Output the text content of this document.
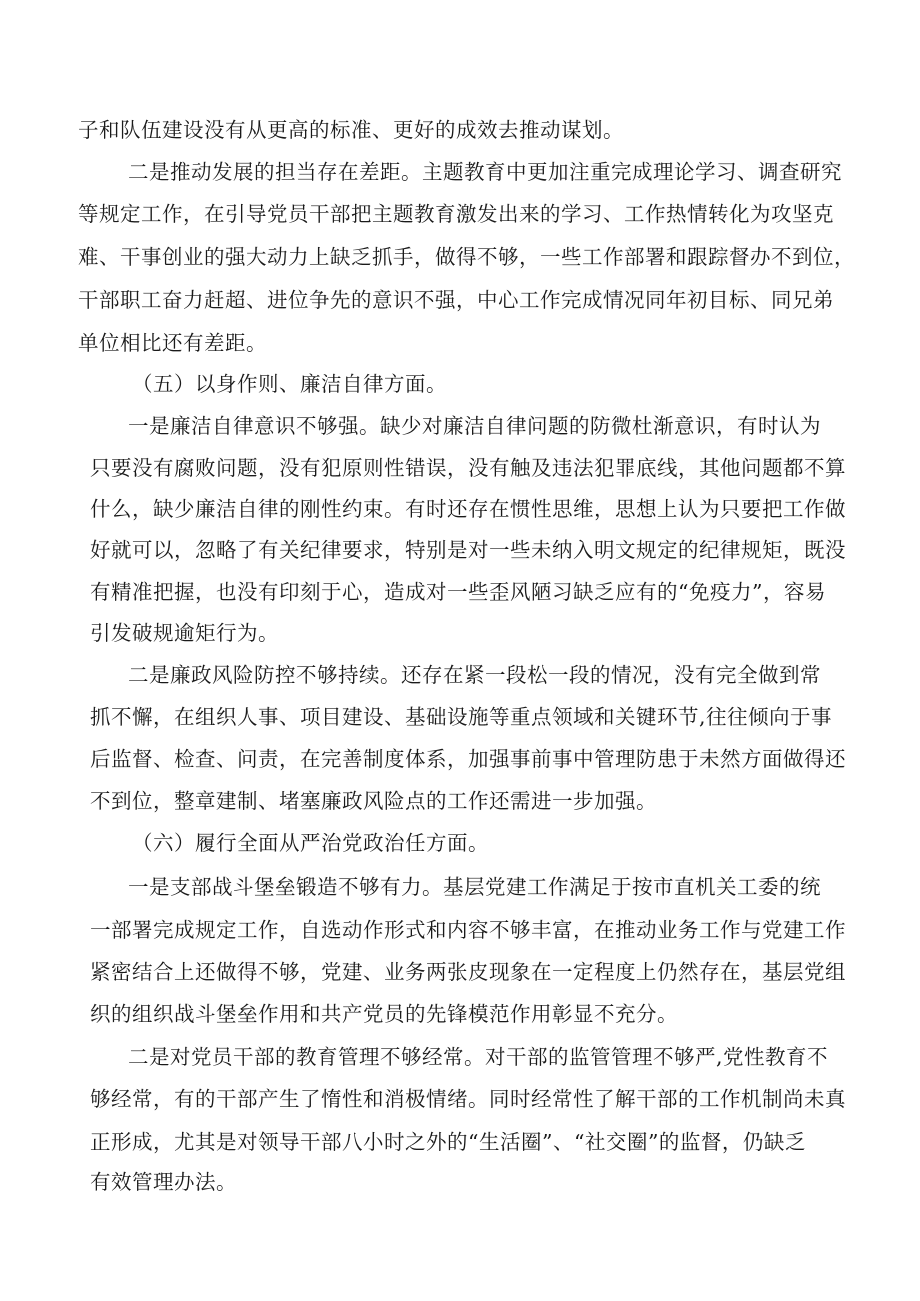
子和队伍建设没有从更高的标准、更好的成效去推动谋划。
二是推动发展的担当存在差距。主题教育中更加注重完成理论学习、调查研究
等规定工作，在引导党员干部把主题教育激发出来的学习、工作热情转化为攻坚克
难、干事创业的强大动力上缺乏抓手，做得不够，一些工作部署和跟踪督办不到位，
干部职工奋力赶超、进位争先的意识不强，中心工作完成情况同年初目标、同兄弟
单位相比还有差距。
（五）以身作则、廉洁自律方面。
一是廉洁自律意识不够强。缺少对廉洁自律问题的防微杜渐意识，有时认为
只要没有腐败问题，没有犯原则性错误，没有触及违法犯罪底线，其他问题都不算
什么，缺少廉洁自律的刚性约束。有时还存在惯性思维，思想上认为只要把工作做
好就可以，忽略了有关纪律要求，特别是对一些未纳入明文规定的纪律规矩，既没
有精准把握，也没有印刻于心，造成对一些歪风陋习缺乏应有的“免疫力”，容易
引发破规逾矩行为。
二是廉政风险防控不够持续。还存在紧一段松一段的情况，没有完全做到常
抓不懈，在组织人事、项目建设、基础设施等重点领域和关键环节,往往倾向于事
后监督、检查、问责，在完善制度体系，加强事前事中管理防患于未然方面做得还
不到位，整章建制、堵塞廉政风险点的工作还需进一步加强。
（六）履行全面从严治党政治任方面。
一是支部战斗堡垒锻造不够有力。基层党建工作满足于按市直机关工委的统
一部署完成规定工作，自选动作形式和内容不够丰富，在推动业务工作与党建工作
紧密结合上还做得不够，党建、业务两张皮现象在一定程度上仍然存在，基层党组
织的组织战斗堡垒作用和共产党员的先锋模范作用彰显不充分。
二是对党员干部的教育管理不够经常。对干部的监管管理不够严,党性教育不
够经常，有的干部产生了惰性和消极情绪。同时经常性了解干部的工作机制尚未真
正形成，尤其是对领导干部八小时之外的“生活圈”、“社交圈”的监督，仍缺乏
有效管理办法。
